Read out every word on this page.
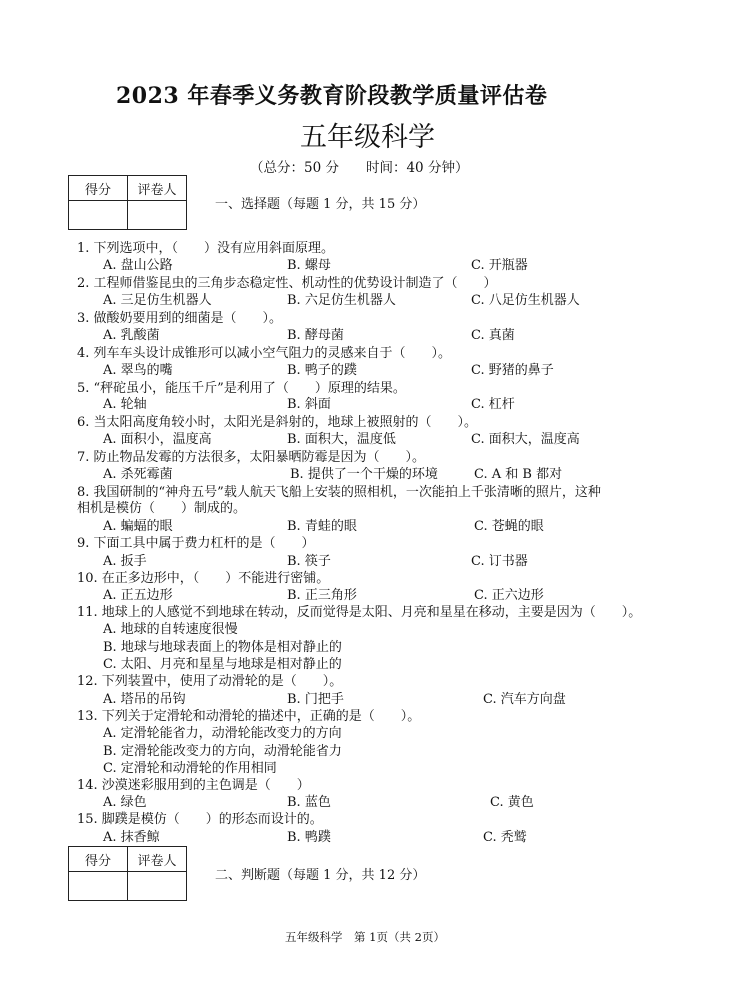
2023 年春季义务教育阶段教学质量评估卷
五年级科学
（总分：50 分　　时间：40 分钟）
得分	评卷人

一、选择题（每题 1 分，共 15 分）
1. 下列选项中，（　　）没有应用斜面原理。
2. 工程师借鉴昆虫的三角步态稳定性、机动性的优势设计制造了（　　）
3. 做酸奶要用到的细菌是（　　）。
4. 列车车头设计成锥形可以减小空气阻力的灵感来自于（　　）。
5. “秤砣虽小，能压千斤”是利用了（　　）原理的结果。
6. 当太阳高度角较小时，太阳光是斜射的，地球上被照射的（　　）。
7. 防止物品发霉的方法很多，太阳暴晒防霉是因为（　　）。
8. 我国研制的“神舟五号”载人航天飞船上安装的照相机，一次能拍上千张清晰的照片，这种
相机是模仿（　　）制成的。
9. 下面工具中属于费力杠杆的是（　　）
10. 在正多边形中，（　　）不能进行密铺。
11. 地球上的人感觉不到地球在转动，反而觉得是太阳、月亮和星星在移动，主要是因为（　　）。
12. 下列装置中，使用了动滑轮的是（　　）。
13. 下列关于定滑轮和动滑轮的描述中，正确的是（　　）。
14. 沙漠迷彩服用到的主色调是（　　）
15. 脚蹼是模仿（　　）的形态而设计的。
A. 盘山公路	B. 螺母	C. 开瓶器
A. 三足仿生机器人	B. 六足仿生机器人	C. 八足仿生机器人
A. 乳酸菌	B. 酵母菌	C. 真菌
A. 翠鸟的嘴	B. 鸭子的蹼	C. 野猪的鼻子
A. 轮轴	B. 斜面	C. 杠杆
A. 面积小，温度高	B. 面积大，温度低	C. 面积大，温度高
A. 杀死霉菌	B. 提供了一个干燥的环境	C. A 和 B 都对
A. 蝙蝠的眼	B. 青蛙的眼	C. 苍蝇的眼
A. 扳手	B. 筷子	C. 订书器
A. 正五边形	B. 正三角形	C. 正六边形
A. 地球的自转速度很慢
B. 地球与地球表面上的物体是相对静止的
C. 太阳、月亮和星星与地球是相对静止的
A. 塔吊的吊钩	B. 门把手	C. 汽车方向盘
A. 定滑轮能省力，动滑轮能改变力的方向
B. 定滑轮能改变力的方向，动滑轮能省力
C. 定滑轮和动滑轮的作用相同
A. 绿色	B. 蓝色	C. 黄色
A. 抹香鲸	B. 鸭蹼	C. 秃鹫
得分	评卷人

二、判断题（每题 1 分，共 12 分）
五年级科学　第 1页（共 2页）
